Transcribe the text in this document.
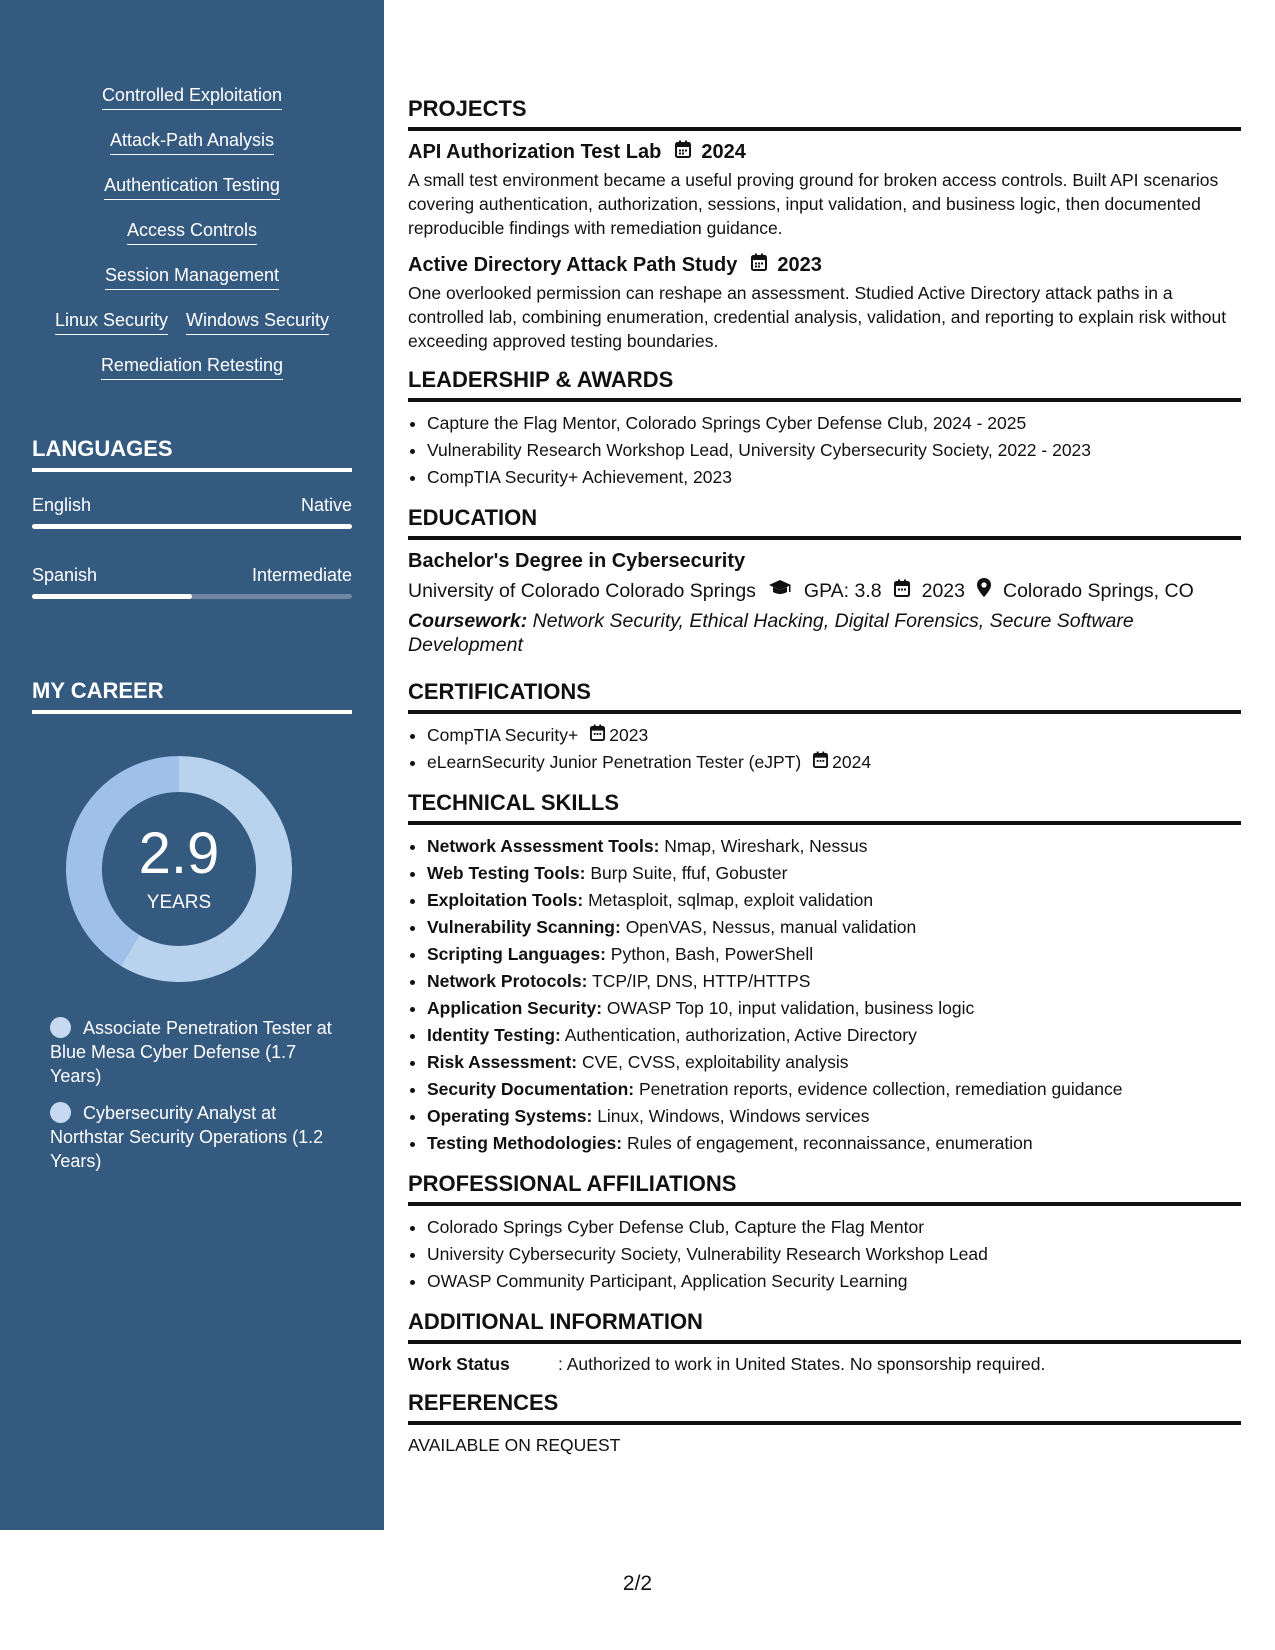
Controlled Exploitation
Attack-Path Analysis
Authentication Testing
Access Controls
Session Management
Linux Security Windows Security
Remediation Retesting
LANGUAGES
English	Native
Spanish	Intermediate
MY CAREER
2.9
YEARS
Associate Penetration Tester at Blue Mesa Cyber Defense (1.7 Years)
Cybersecurity Analyst at Northstar Security Operations (1.2 Years)
PROJECTS
API Authorization Test Lab 2024
A small test environment became a useful proving ground for broken access controls. Built API scenarios covering authentication, authorization, sessions, input validation, and business logic, then documented reproducible findings with remediation guidance.
Active Directory Attack Path Study 2023
One overlooked permission can reshape an assessment. Studied Active Directory attack paths in a controlled lab, combining enumeration, credential analysis, validation, and reporting to explain risk without exceeding approved testing boundaries.
LEADERSHIP & AWARDS
• Capture the Flag Mentor, Colorado Springs Cyber Defense Club, 2024 - 2025
• Vulnerability Research Workshop Lead, University Cybersecurity Society, 2022 - 2023
• CompTIA Security+ Achievement, 2023
EDUCATION
Bachelor's Degree in Cybersecurity
University of Colorado Colorado Springs GPA: 3.8 2023 Colorado Springs, CO
Coursework: Network Security, Ethical Hacking, Digital Forensics, Secure Software Development
CERTIFICATIONS
• CompTIA Security+ 2023
• eLearnSecurity Junior Penetration Tester (eJPT) 2024
TECHNICAL SKILLS
• Network Assessment Tools: Nmap, Wireshark, Nessus
• Web Testing Tools: Burp Suite, ffuf, Gobuster
• Exploitation Tools: Metasploit, sqlmap, exploit validation
• Vulnerability Scanning: OpenVAS, Nessus, manual validation
• Scripting Languages: Python, Bash, PowerShell
• Network Protocols: TCP/IP, DNS, HTTP/HTTPS
• Application Security: OWASP Top 10, input validation, business logic
• Identity Testing: Authentication, authorization, Active Directory
• Risk Assessment: CVE, CVSS, exploitability analysis
• Security Documentation: Penetration reports, evidence collection, remediation guidance
• Operating Systems: Linux, Windows, Windows services
• Testing Methodologies: Rules of engagement, reconnaissance, enumeration
PROFESSIONAL AFFILIATIONS
• Colorado Springs Cyber Defense Club, Capture the Flag Mentor
• University Cybersecurity Society, Vulnerability Research Workshop Lead
• OWASP Community Participant, Application Security Learning
ADDITIONAL INFORMATION
Work Status	: Authorized to work in United States. No sponsorship required.
REFERENCES
AVAILABLE ON REQUEST
2/2
